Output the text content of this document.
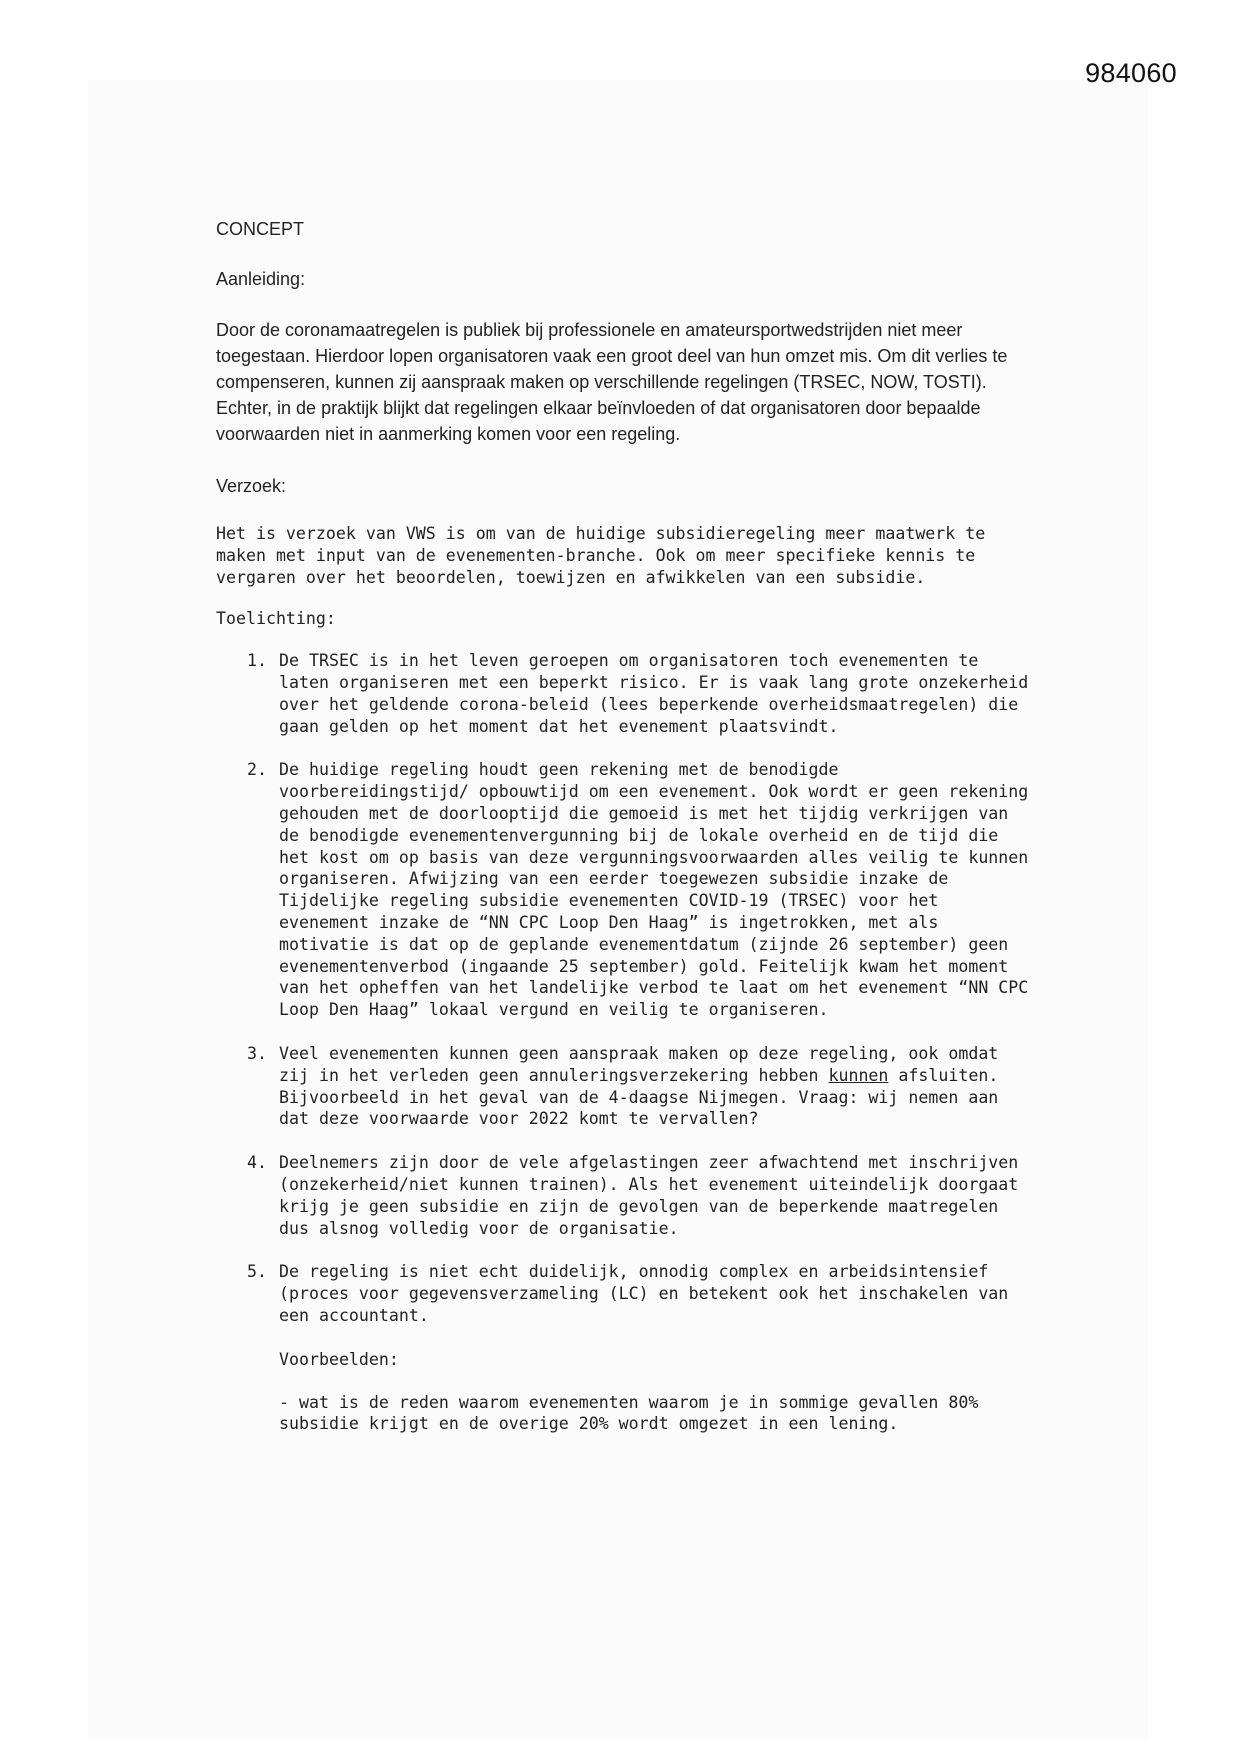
984060

CONCEPT

Aanleiding:

Door de coronamaatregelen is publiek bij professionele en amateursportwedstrijden niet meer toegestaan. Hierdoor lopen organisatoren vaak een groot deel van hun omzet mis. Om dit verlies te compenseren, kunnen zij aanspraak maken op verschillende regelingen (TRSEC, NOW, TOSTI). Echter, in de praktijk blijkt dat regelingen elkaar beïnvloeden of dat organisatoren door bepaalde voorwaarden niet in aanmerking komen voor een regeling.

Verzoek:

Het is verzoek van VWS is om van de huidige subsidieregeling meer maatwerk te maken met input van de evenementen-branche. Ook om meer specifieke kennis te vergaren over het beoordelen, toewijzen en afwikkelen van een subsidie.

Toelichting:

1. De TRSEC is in het leven geroepen om organisatoren toch evenementen te laten organiseren met een beperkt risico. Er is vaak lang grote onzekerheid over het geldende corona-beleid (lees beperkende overheidsmaatregelen) die gaan gelden op het moment dat het evenement plaatsvindt.
2. De huidige regeling houdt geen rekening met de benodigde voorbereidingstijd/ opbouwtijd om een evenement. Ook wordt er geen rekening gehouden met de doorlooptijd die gemoeid is met het tijdig verkrijgen van de benodigde evenementenvergunning bij de lokale overheid en de tijd die het kost om op basis van deze vergunningsvoorwaarden alles veilig te kunnen organiseren. Afwijzing van een eerder toegewezen subsidie inzake de Tijdelijke regeling subsidie evenementen COVID-19 (TRSEC) voor het evenement inzake de “NN CPC Loop Den Haag” is ingetrokken, met als motivatie is dat op de geplande evenementdatum (zijnde 26 september) geen evenementenverbod (ingaande 25 september) gold. Feitelijk kwam het moment van het opheffen van het landelijke verbod te laat om het evenement “NN CPC Loop Den Haag” lokaal vergund en veilig te organiseren.
3. Veel evenementen kunnen geen aanspraak maken op deze regeling, ook omdat zij in het verleden geen annuleringsverzekering hebben kunnen afsluiten. Bijvoorbeeld in het geval van de 4-daagse Nijmegen. Vraag: wij nemen aan dat deze voorwaarde voor 2022 komt te vervallen?
4. Deelnemers zijn door de vele afgelastingen zeer afwachtend met inschrijven (onzekerheid/niet kunnen trainen). Als het evenement uiteindelijk doorgaat krijg je geen subsidie en zijn de gevolgen van de beperkende maatregelen dus alsnog volledig voor de organisatie.
5. De regeling is niet echt duidelijk, onnodig complex en arbeidsintensief (proces voor gegevensverzameling (LC) en betekent ook het inschakelen van een accountant.

Voorbeelden:

- wat is de reden waarom evenementen waarom je in sommige gevallen 80% subsidie krijgt en de overige 20% wordt omgezet in een lening.
